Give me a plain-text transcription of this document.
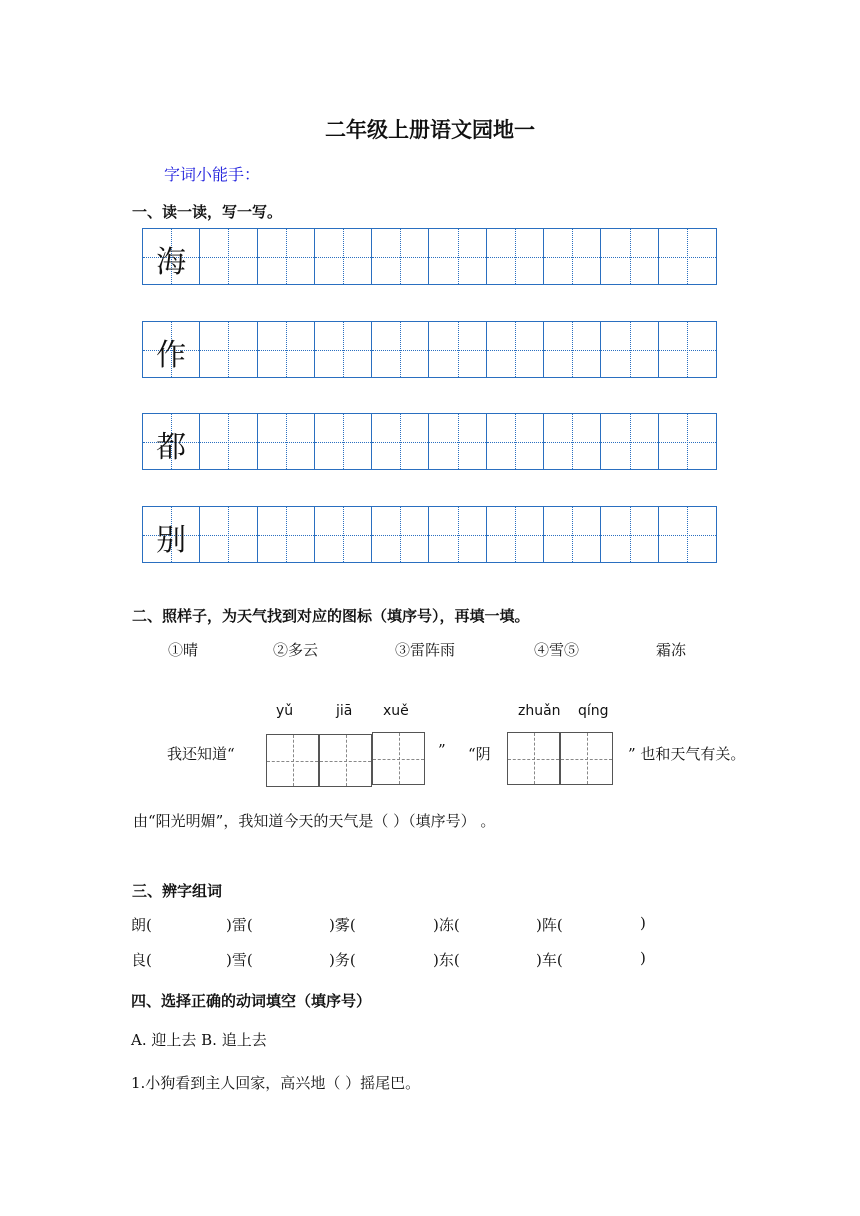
二年级上册语文园地一
字词小能手：
一、读一读，写一写。
海
作
都
别
二、照样子，为天气找到对应的图标（填序号），再填一填。
①晴	②多云	③雷阵雨	④雪⑤	霜冻
yǔ	jiā xuě	zhuǎn qíng
我还知道“	” “阴	” 也和天气有关。
由“阳光明媚”，我知道今天的天气是（ ）（填序号） 。
三、辨字组词
朗(	)雷(	)雾(	)冻(	)阵(	)
良(	)雪(	)务(	)东(	)车(	)
四、选择正确的动词填空（填序号）
A. 迎上去 B. 追上去
1.小狗看到主人回家，高兴地（ ）摇尾巴。
